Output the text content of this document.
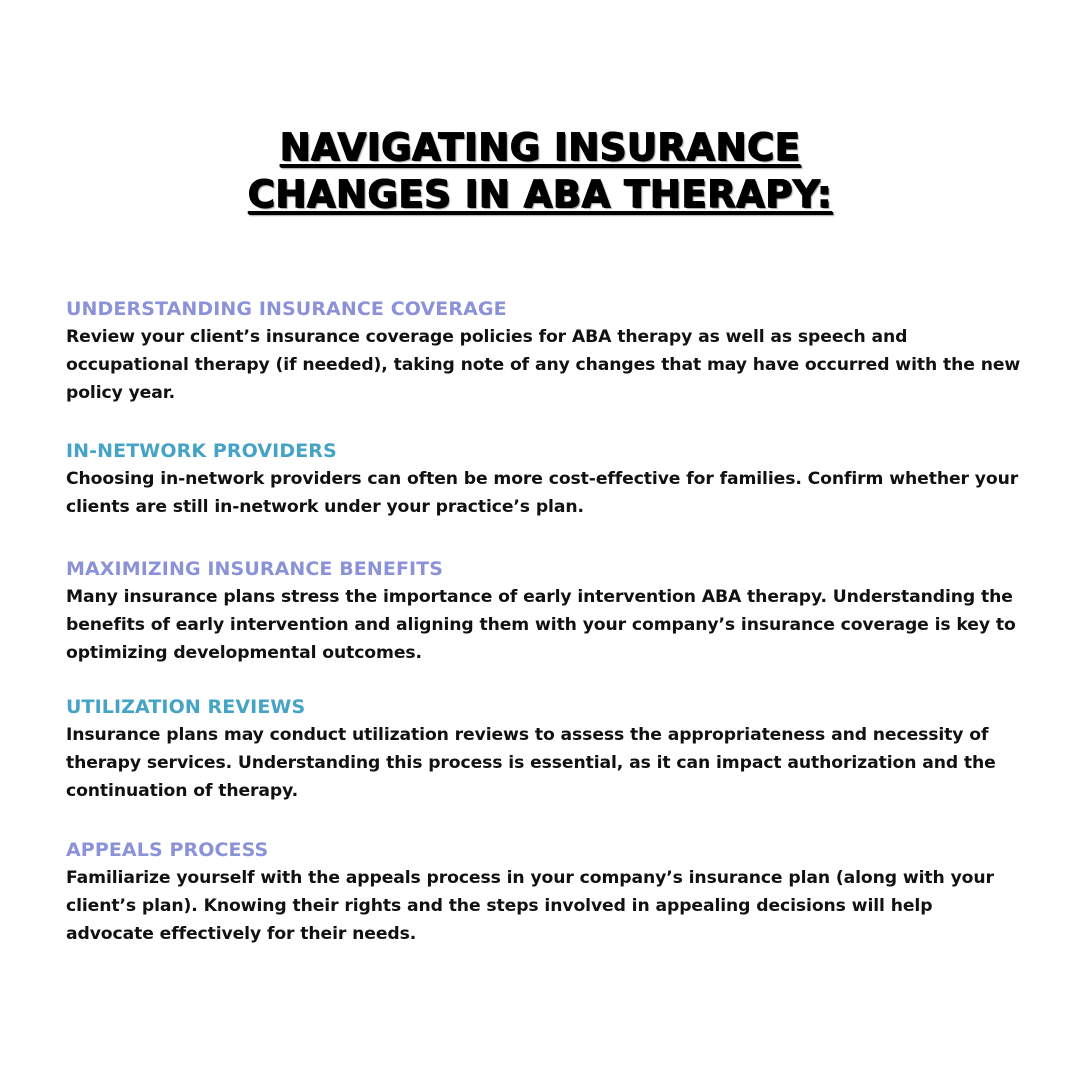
NAVIGATING INSURANCE
CHANGES IN ABA THERAPY:
UNDERSTANDING INSURANCE COVERAGE

Review your client’s insurance coverage policies for ABA therapy as well as speech and occupational therapy (if needed), taking note of any changes that may have occurred with the new policy year.

IN-NETWORK PROVIDERS

Choosing in-network providers can often be more cost-effective for families. Confirm whether your clients are still in-network under your practice’s plan.

MAXIMIZING INSURANCE BENEFITS

Many insurance plans stress the importance of early intervention ABA therapy. Understanding the benefits of early intervention and aligning them with your company’s insurance coverage is key to optimizing developmental outcomes.

UTILIZATION REVIEWS

Insurance plans may conduct utilization reviews to assess the appropriateness and necessity of therapy services. Understanding this process is essential, as it can impact authorization and the continuation of therapy.

APPEALS PROCESS

Familiarize yourself with the appeals process in your company’s insurance plan (along with your client’s plan). Knowing their rights and the steps involved in appealing decisions will help advocate effectively for their needs.
